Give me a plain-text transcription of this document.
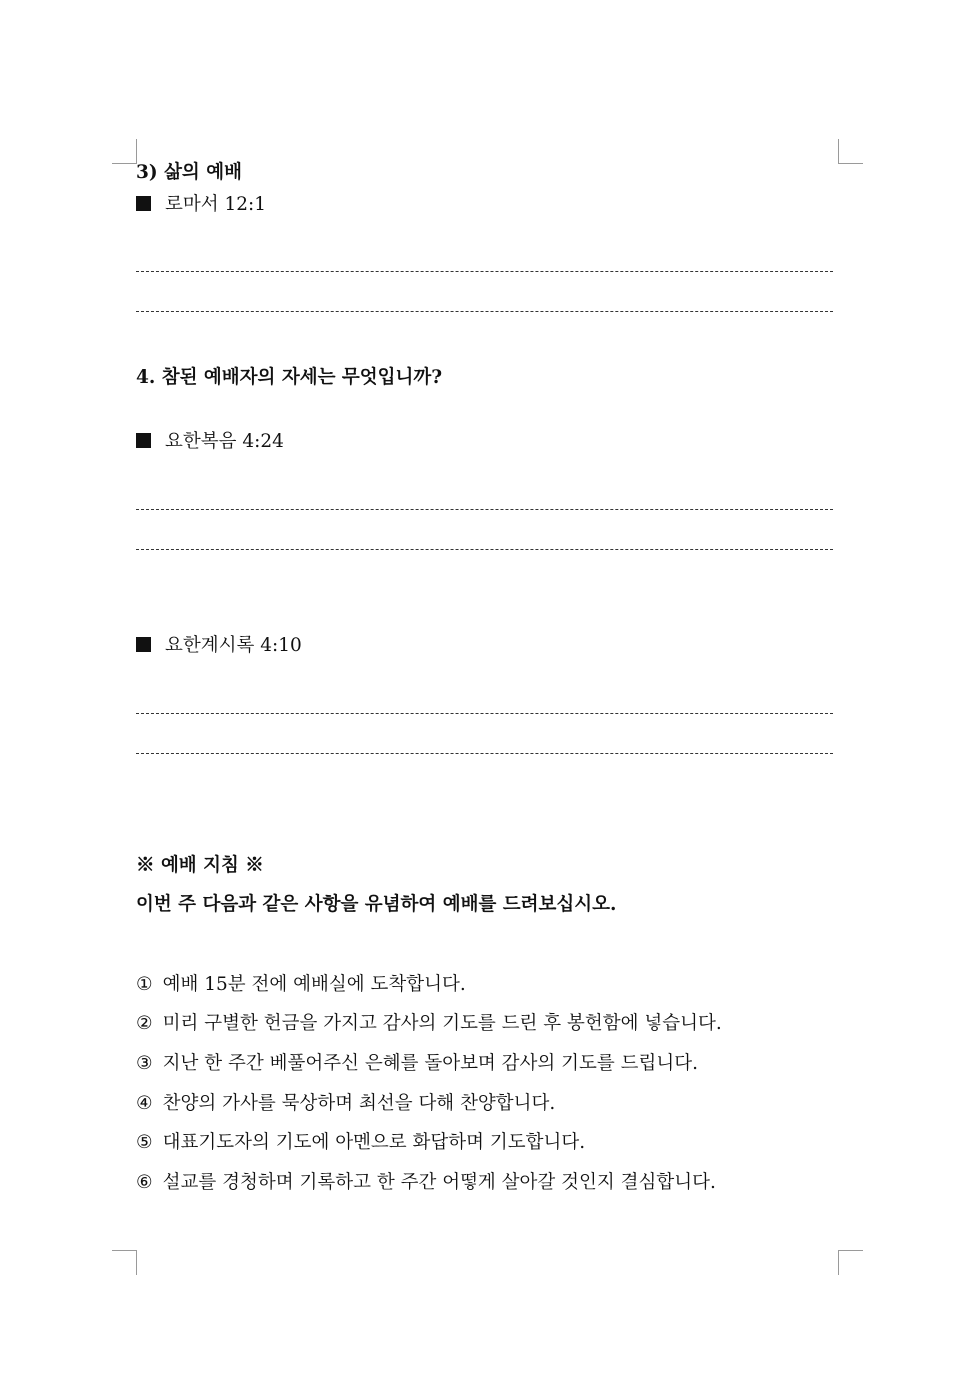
3) 삶의 예배
로마서 12:1
4. 참된 예배자의 자세는 무엇입니까?
요한복음 4:24
요한계시록 4:10
※ 예배 지침 ※
이번 주 다음과 같은 사항을 유념하여 예배를 드려보십시오.
① 예배 15분 전에 예배실에 도착합니다.
② 미리 구별한 헌금을 가지고 감사의 기도를 드린 후 봉헌함에 넣습니다.
③ 지난 한 주간 베풀어주신 은혜를 돌아보며 감사의 기도를 드립니다.
④ 찬양의 가사를 묵상하며 최선을 다해 찬양합니다.
⑤ 대표기도자의 기도에 아멘으로 화답하며 기도합니다.
⑥ 설교를 경청하며 기록하고 한 주간 어떻게 살아갈 것인지 결심합니다.
